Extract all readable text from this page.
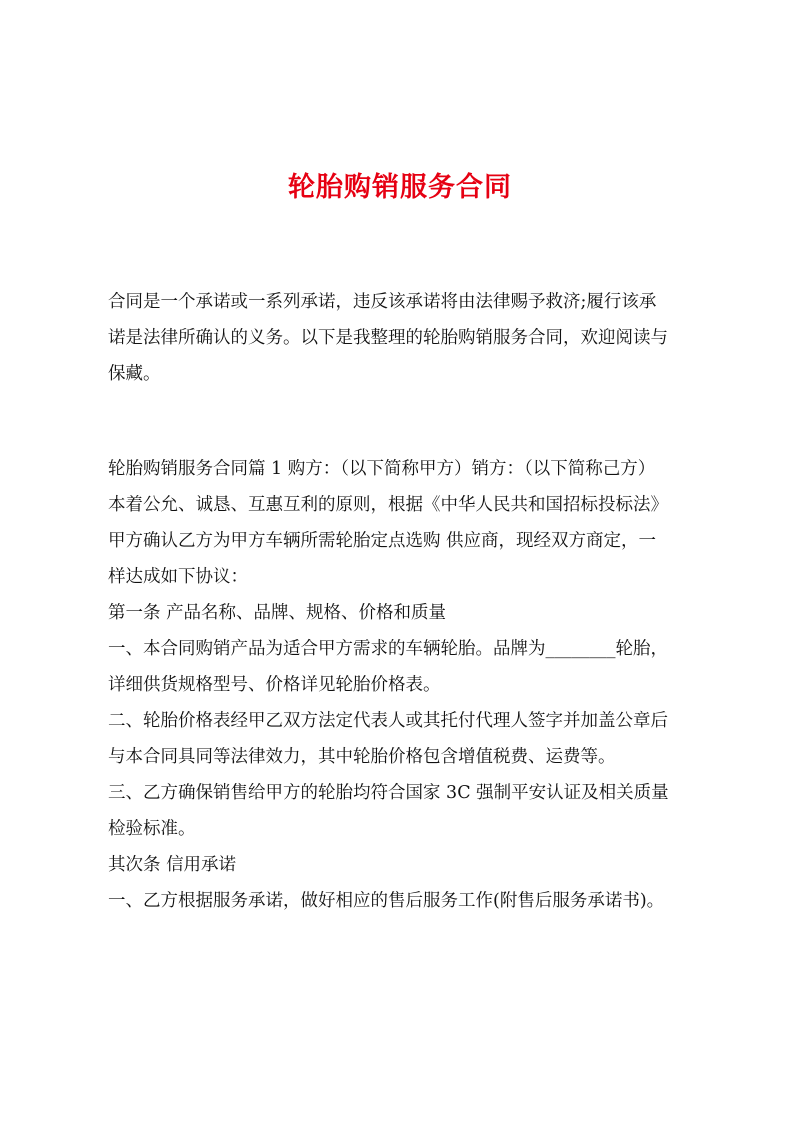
轮胎购销服务合同
合同是一个承诺或一系列承诺，违反该承诺将由法律赐予救济;履行该承
诺是法律所确认的义务。以下是我整理的轮胎购销服务合同，欢迎阅读与
保藏。
轮胎购销服务合同篇 1 购方：（以下简称甲方）销方：（以下简称己方）
本着公允、诚恳、互惠互利的原则，根据《中华人民共和国招标投标法》
甲方确认乙方为甲方车辆所需轮胎定点选购 供应商，现经双方商定，一
样达成如下协议：
第一条 产品名称、品牌、规格、价格和质量
一、本合同购销产品为适合甲方需求的车辆轮胎。品牌为________轮胎，
详细供货规格型号、价格详见轮胎价格表。
二、轮胎价格表经甲乙双方法定代表人或其托付代理人签字并加盖公章后
与本合同具同等法律效力，其中轮胎价格包含增值税费、运费等。
三、乙方确保销售给甲方的轮胎均符合国家 3C 强制平安认证及相关质量
检验标准。
其次条 信用承诺
一、乙方根据服务承诺，做好相应的售后服务工作(附售后服务承诺书)。
